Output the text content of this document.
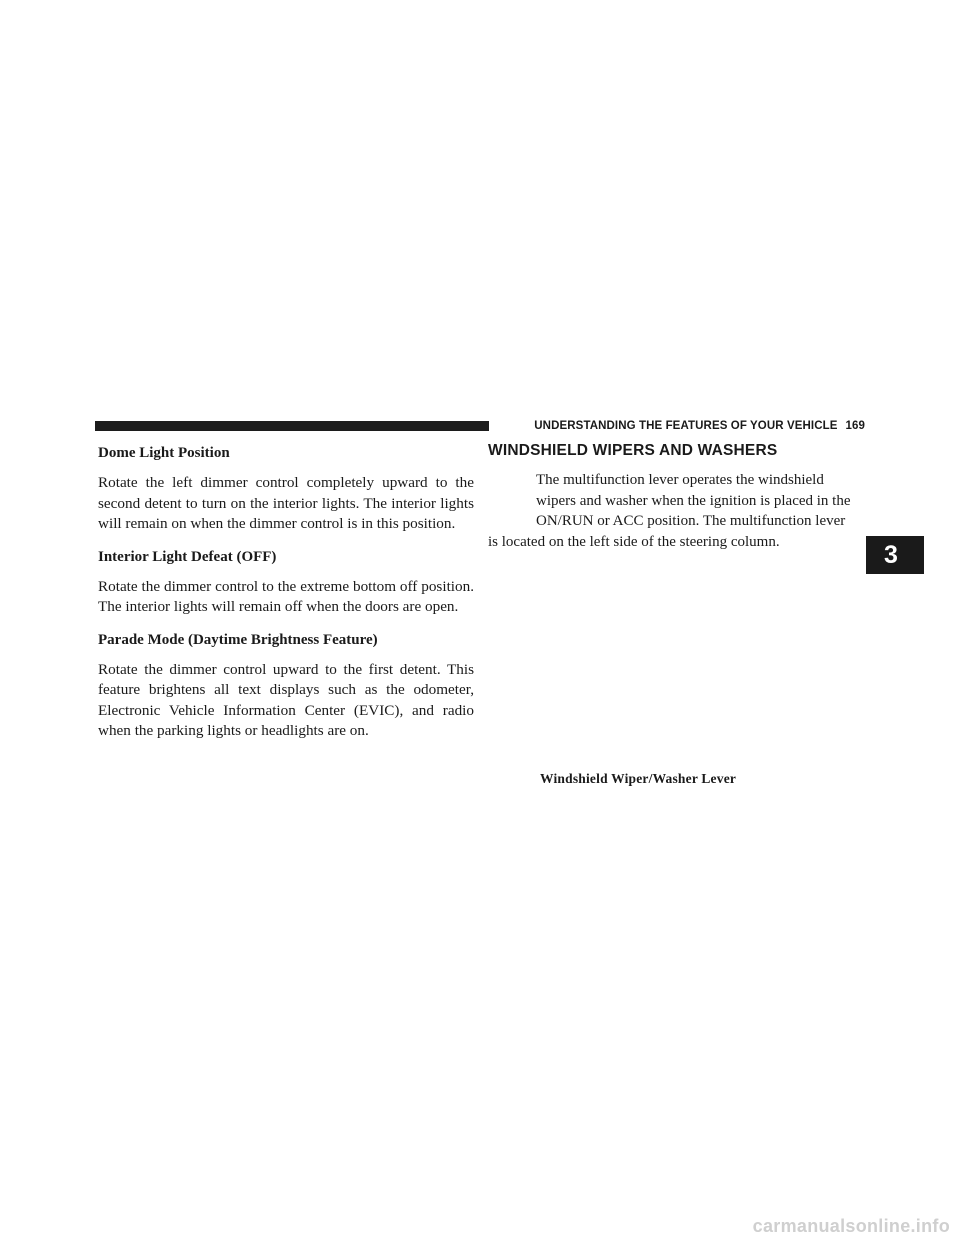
UNDERSTANDING THE FEATURES OF YOUR VEHICLE 169

Dome Light Position

Rotate the left dimmer control completely upward to the second detent to turn on the interior lights. The interior lights will remain on when the dimmer control is in this position.

Interior Light Defeat (OFF)

Rotate the dimmer control to the extreme bottom off position. The interior lights will remain off when the doors are open.

Parade Mode (Daytime Brightness Feature)

Rotate the dimmer control upward to the first detent. This feature brightens all text displays such as the odometer, Electronic Vehicle Information Center (EVIC), and radio when the parking lights or headlights are on.

WINDSHIELD WIPERS AND WASHERS
The multifunction lever operates the windshield
wipers and washer when the ignition is placed in the
ON/RUN or ACC position. The multifunction lever
is located on the left side of the steering column.
Windshield Wiper/Washer Lever
3
carmanualsonline.info
